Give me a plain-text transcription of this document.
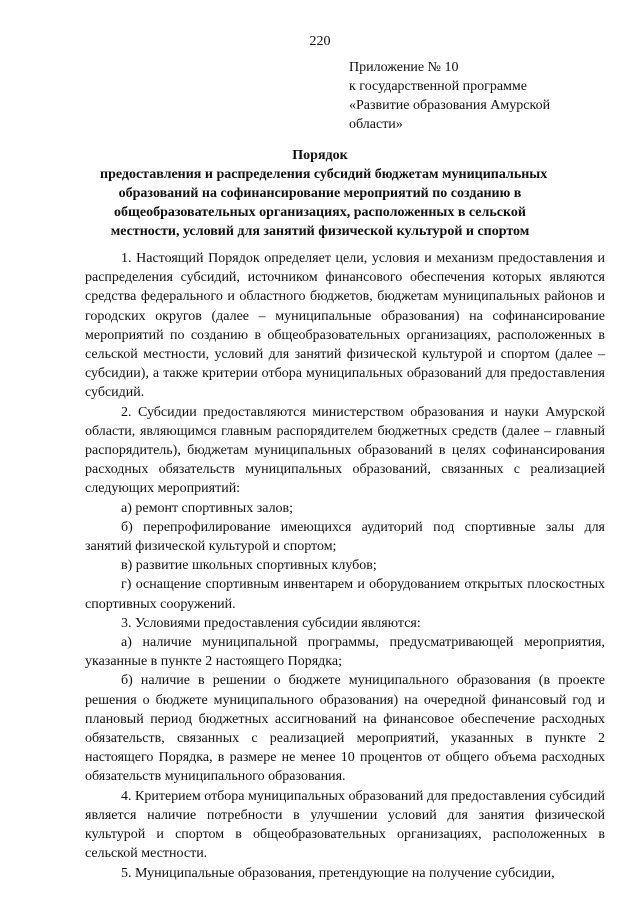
220
Приложение № 10
к государственной программе
«Развитие образования Амурской
области»
Порядок
предоставления и распределения субсидий бюджетам муниципальных
образований на софинансирование мероприятий по созданию в
общеобразовательных организациях, расположенных в сельской
местности, условий для занятий физической культурой и спортом

1. Настоящий Порядок определяет цели, условия и механизм предоставления и распределения субсидий, источником финансового обеспечения которых являются средства федерального и областного бюджетов, бюджетам муниципальных районов и городских округов (далее – муниципальные образования) на софинансирование мероприятий по созданию в общеобразовательных организациях, расположенных в сельской местности, условий для занятий физической культурой и спортом (далее – субсидии), а также критерии отбора муниципальных образований для предоставления субсидий.

2. Субсидии предоставляются министерством образования и науки Амурской области, являющимся главным распорядителем бюджетных средств (далее – главный распорядитель), бюджетам муниципальных образований в целях софинансирования расходных обязательств муниципальных образований, связанных с реализацией следующих мероприятий:

а) ремонт спортивных залов;

б) перепрофилирование имеющихся аудиторий под спортивные залы для занятий физической культурой и спортом;

в) развитие школьных спортивных клубов;

г) оснащение спортивным инвентарем и оборудованием открытых плоскостных спортивных сооружений.

3. Условиями предоставления субсидии являются:

а) наличие муниципальной программы, предусматривающей мероприятия, указанные в пункте 2 настоящего Порядка;

б) наличие в решении о бюджете муниципального образования (в проекте решения о бюджете муниципального образования) на очередной финансовый год и плановый период бюджетных ассигнований на финансовое обеспечение расходных обязательств, связанных с реализацией мероприятий, указанных в пункте 2 настоящего Порядка, в размере не менее 10 процентов от общего объема расходных обязательств муниципального образования.

4. Критерием отбора муниципальных образований для предоставления субсидий является наличие потребности в улучшении условий для занятия физической культурой и спортом в общеобразовательных организациях, расположенных в сельской местности.

5. Муниципальные образования, претендующие на получение субсидии,
